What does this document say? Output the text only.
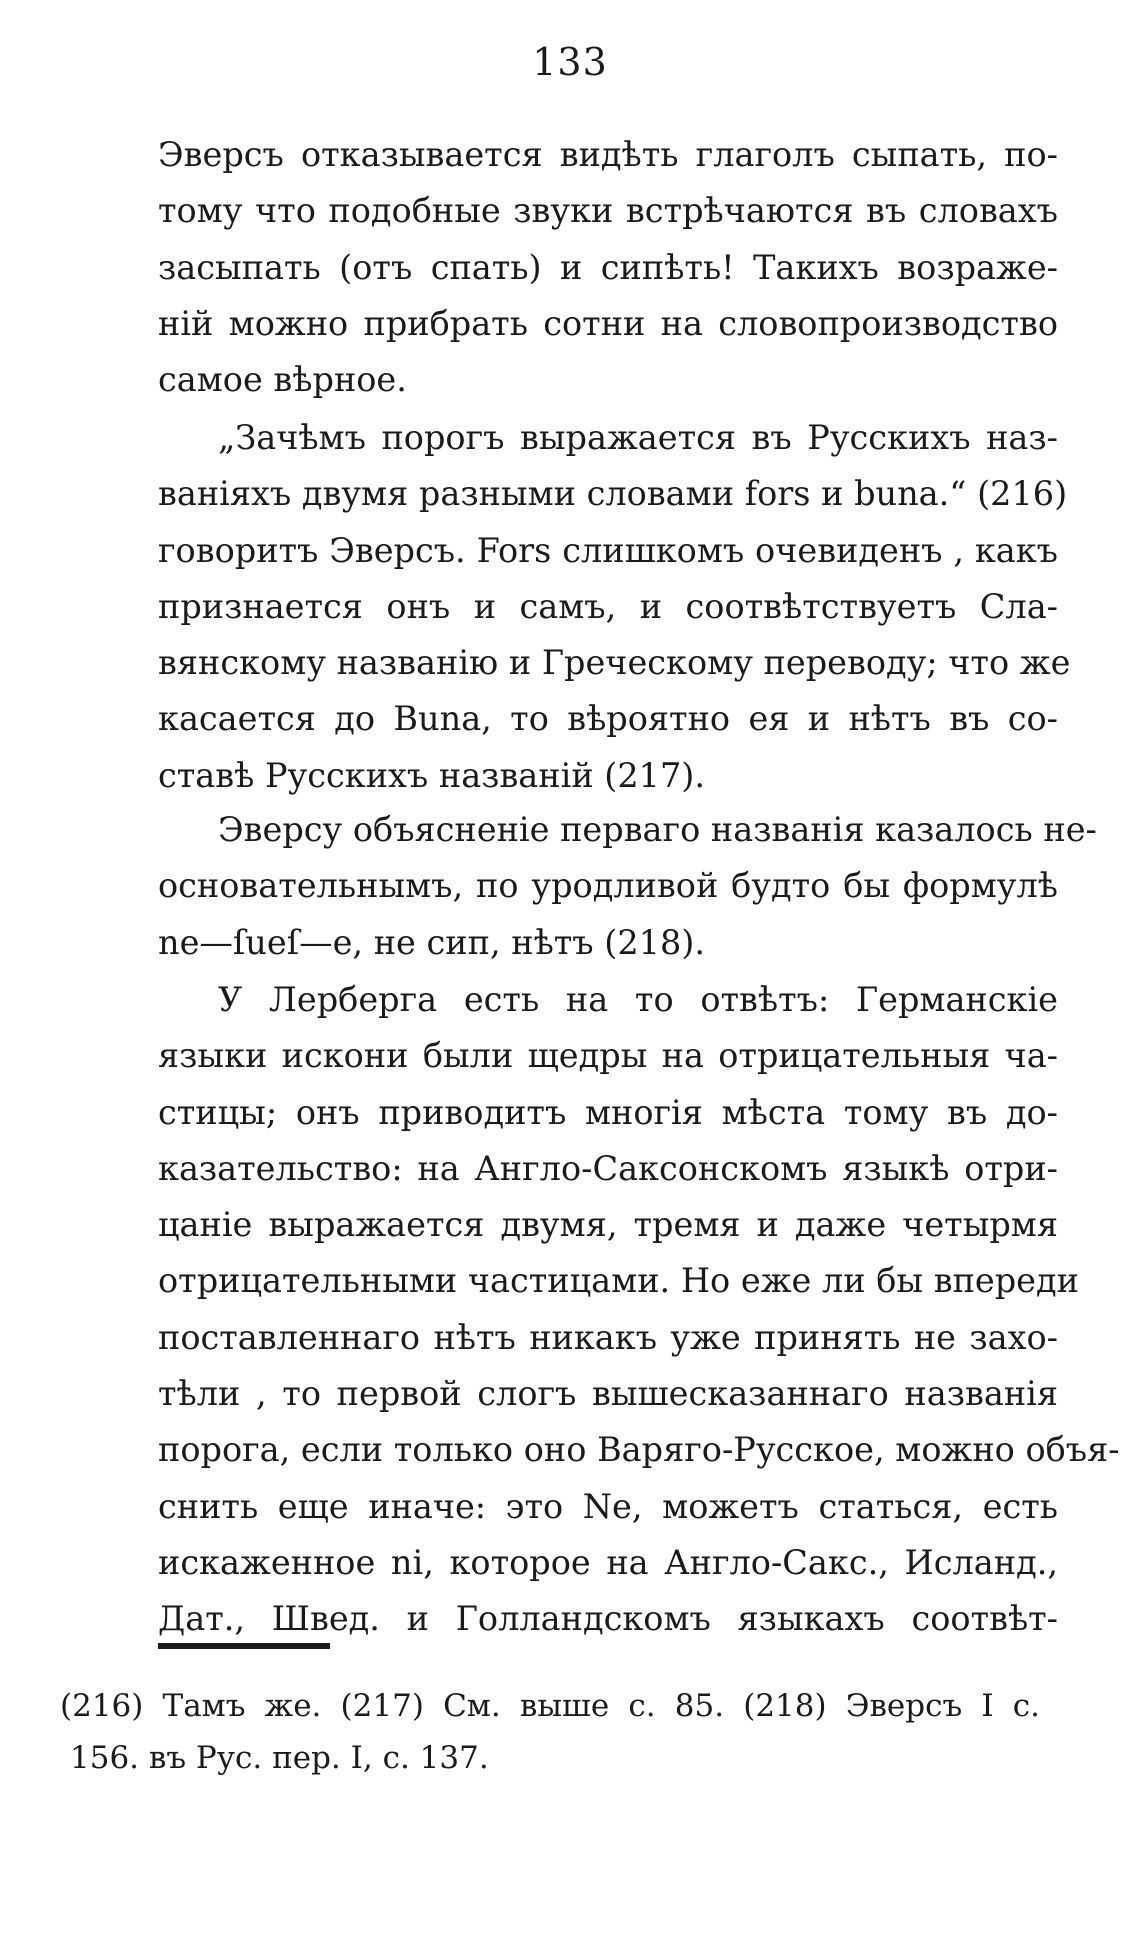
133
Эверсъ отказывается видѣть глаголъ сыпать, по-
тому что подобные звуки встрѣчаются въ словахъ
засыпать (отъ спать) и сипѣть! Такихъ возраже-
ній можно прибрать сотни на словопроизводство
самое вѣрное.
„Зачѣмъ порогъ выражается въ Русскихъ наз-
ваніяхъ двумя разными словами fors и buna.“ (216)
говоритъ Эверсъ. Fors слишкомъ очевиденъ , какъ
признается онъ и самъ, и соотвѣтствуетъ Сла-
вянскому названію и Греческому переводу; что же
касается до Buna, то вѣроятно ея и нѣтъ въ со-
ставѣ Русскихъ названій (217).
Эверсу объясненіе перваго названія казалось не-
основательнымъ, по уродливой будто бы формулѣ
ne—ſueſ—e, не сип, нѣтъ (218).
У Лерберга есть на то отвѣтъ: Германскіе
языки искони были щедры на отрицательныя ча-
стицы; онъ приводитъ многія мѣста тому въ до-
казательство: на Англо-Саксонскомъ языкѣ отри-
цаніе выражается двумя, тремя и даже четырмя
отрицательными частицами. Но еже ли бы впереди
поставленнаго нѣтъ никакъ уже принять не захо-
тѣли , то первой слогъ вышесказаннаго названія
порога, если только оно Варяго-Русское, можно объя-
снить еще иначе: это Ne, можетъ статься, есть
искаженное ni, которое на Англо-Сакс., Исланд.,
Дат., Швед. и Голландскомъ языкахъ соотвѣт-
(216) Тамъ же. (217) См. выше с. 85. (218) Эверсъ I с.
156. въ Рус. пер. I, с. 137.
